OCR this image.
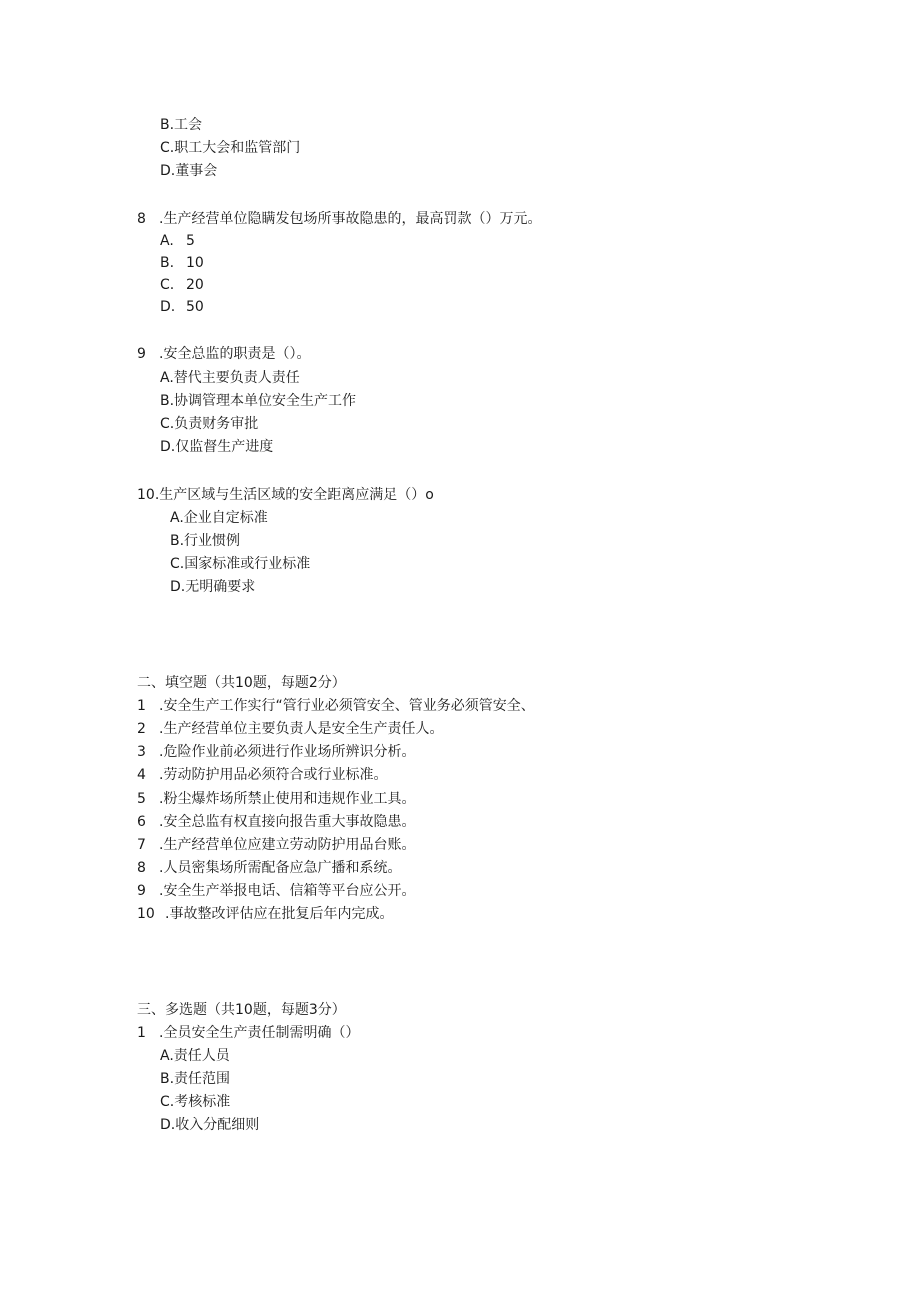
B.工会
C.职工大会和监管部门
D.董事会
8 .生产经营单位隐瞒发包场所事故隐患的，最高罚款（）万元。
A. 5
B. 10
C. 20
D. 50
9 .安全总监的职责是（）。
A.替代主要负责人责任
B.协调管理本单位安全生产工作
C.负责财务审批
D.仅监督生产进度
10.生产区域与生活区域的安全距离应满足（）o
A.企业自定标准
B.行业惯例
C.国家标准或行业标准
D.无明确要求
二、填空题（共10题，每题2分）
1 .安全生产工作实行“管行业必须管安全、管业务必须管安全、
2 .生产经营单位主要负责人是安全生产责任人。
3 .危险作业前必须进行作业场所辨识分析。
4 .劳动防护用品必须符合或行业标准。
5 .粉尘爆炸场所禁止使用和违规作业工具。
6 .安全总监有权直接向报告重大事故隐患。
7 .生产经营单位应建立劳动防护用品台账。
8 .人员密集场所需配备应急广播和系统。
9 .安全生产举报电话、信箱等平台应公开。
10 .事故整改评估应在批复后年内完成。
三、多选题（共10题，每题3分）
1 .全员安全生产责任制需明确（）
A.责任人员
B.责任范围
C.考核标准
D.收入分配细则
